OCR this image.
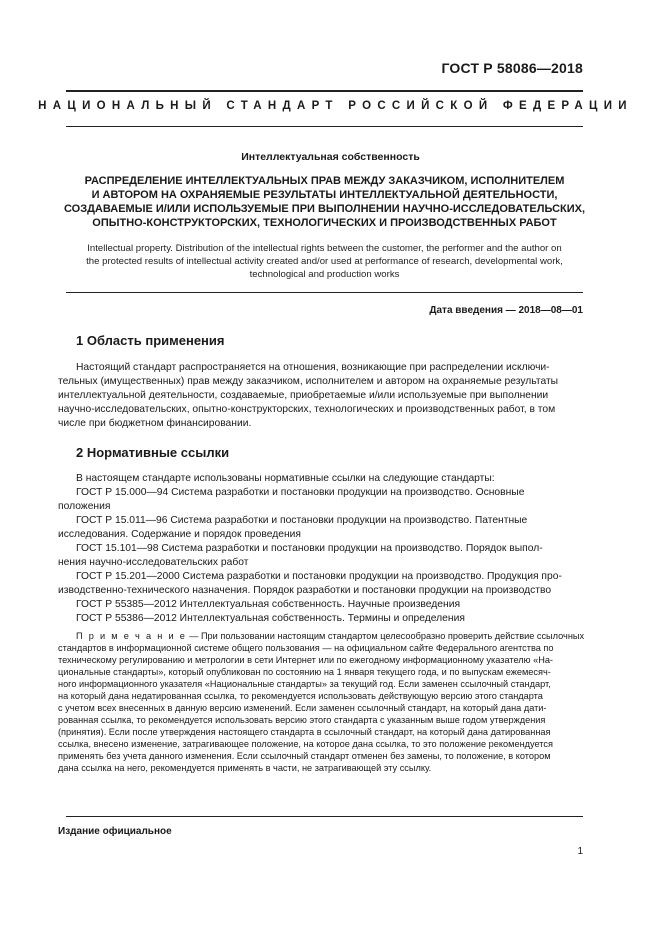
ГОСТ Р 58086—2018
НАЦИОНАЛЬНЫЙ СТАНДАРТ РОССИЙСКОЙ ФЕДЕРАЦИИ
Интеллектуальная собственность
РАСПРЕДЕЛЕНИЕ ИНТЕЛЛЕКТУАЛЬНЫХ ПРАВ МЕЖДУ ЗАКАЗЧИКОМ, ИСПОЛНИТЕЛЕМ
И АВТОРОМ НА ОХРАНЯЕМЫЕ РЕЗУЛЬТАТЫ ИНТЕЛЛЕКТУАЛЬНОЙ ДЕЯТЕЛЬНОСТИ,
СОЗДАВАЕМЫЕ И/ИЛИ ИСПОЛЬЗУЕМЫЕ ПРИ ВЫПОЛНЕНИИ НАУЧНО-ИССЛЕДОВАТЕЛЬСКИХ,
ОПЫТНО-КОНСТРУКТОРСКИХ, ТЕХНОЛОГИЧЕСКИХ И ПРОИЗВОДСТВЕННЫХ РАБОТ
Intellectual property. Distribution of the intellectual rights between the customer, the performer and the author on
the protected results of intellectual activity created and/or used at performance of research, developmental work,
technological and production works
Дата введения — 2018—08—01
1 Область применения
Настоящий стандарт распространяется на отношения, возникающие при распределении исключи-
тельных (имущественных) прав между заказчиком, исполнителем и автором на охраняемые результаты
интеллектуальной деятельности, создаваемые, приобретаемые и/или используемые при выполнении
научно-исследовательских, опытно-конструкторских, технологических и производственных работ, в том
числе при бюджетном финансировании.
2 Нормативные ссылки
В настоящем стандарте использованы нормативные ссылки на следующие стандарты:
ГОСТ Р 15.000—94 Система разработки и постановки продукции на производство. Основные
положения
ГОСТ Р 15.011—96 Система разработки и постановки продукции на производство. Патентные
исследования. Содержание и порядок проведения
ГОСТ 15.101—98 Система разработки и постановки продукции на производство. Порядок выпол-
нения научно-исследовательских работ
ГОСТ Р 15.201—2000 Система разработки и постановки продукции на производство. Продукция про-
изводственно-технического назначения. Порядок разработки и постановки продукции на производство
ГОСТ Р 55385—2012 Интеллектуальная собственность. Научные произведения
ГОСТ Р 55386—2012 Интеллектуальная собственность. Термины и определения
П р и м е ч а н и е — При пользовании настоящим стандартом целесообразно проверить действие ссылочных
стандартов в информационной системе общего пользования — на официальном сайте Федерального агентства по
техническому регулированию и метрологии в сети Интернет или по ежегодному информационному указателю «На-
циональные стандарты», который опубликован по состоянию на 1 января текущего года, и по выпускам ежемесяч-
ного информационного указателя «Национальные стандарты» за текущий год. Если заменен ссылочный стандарт,
на который дана недатированная ссылка, то рекомендуется использовать действующую версию этого стандарта
с учетом всех внесенных в данную версию изменений. Если заменен ссылочный стандарт, на который дана дати-
рованная ссылка, то рекомендуется использовать версию этого стандарта с указанным выше годом утверждения
(принятия). Если после утверждения настоящего стандарта в ссылочный стандарт, на который дана датированная
ссылка, внесено изменение, затрагивающее положение, на которое дана ссылка, то это положение рекомендуется
применять без учета данного изменения. Если ссылочный стандарт отменен без замены, то положение, в котором
дана ссылка на него, рекомендуется применять в части, не затрагивающей эту ссылку.
Издание официальное
1
